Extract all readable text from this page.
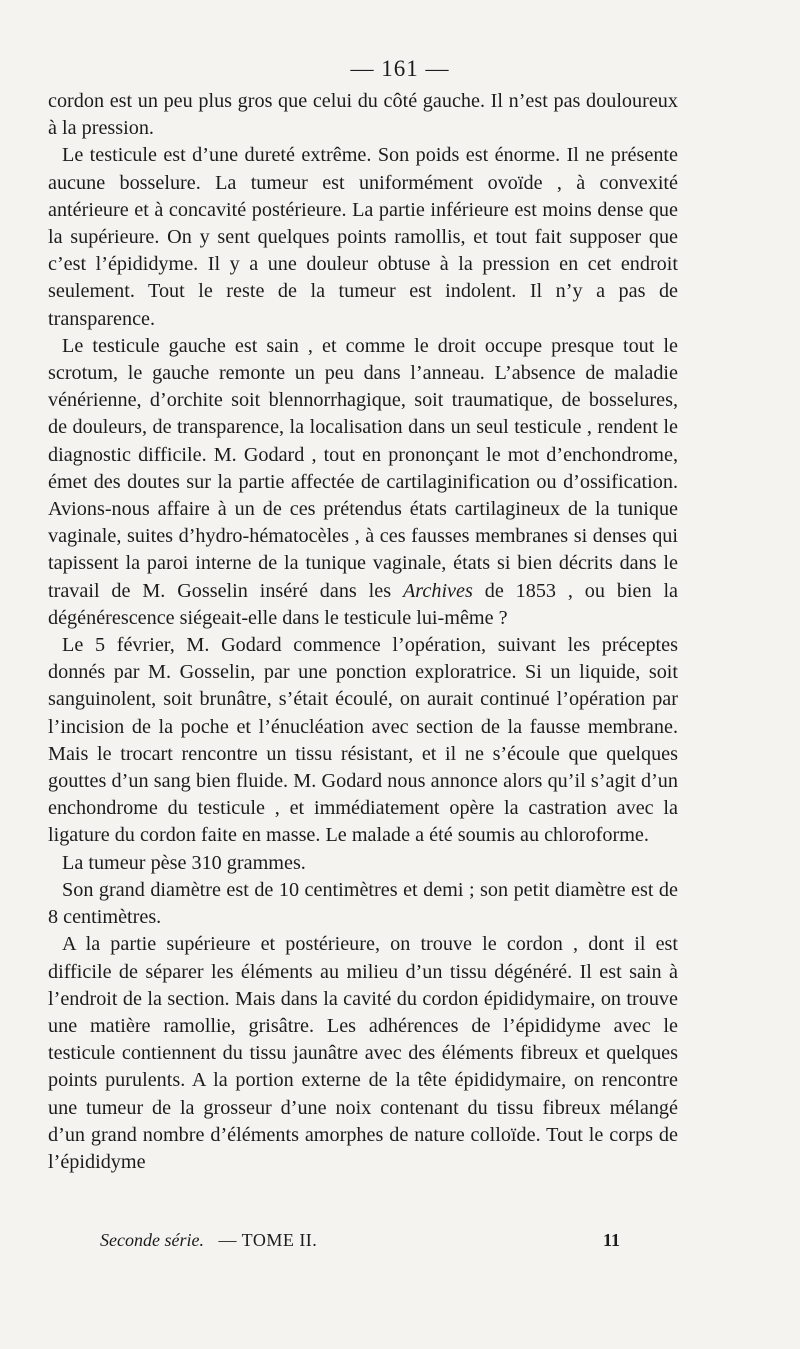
— 161 —

cordon est un peu plus gros que celui du côté gauche. Il n’est pas douloureux à la pression.

Le testicule est d’une dureté extrême. Son poids est énorme. Il ne présente aucune bosselure. La tumeur est uniformément ovoïde , à convexité antérieure et à concavité postérieure. La partie inférieure est moins dense que la supérieure. On y sent quelques points ramollis, et tout fait supposer que c’est l’épididyme. Il y a une douleur obtuse à la pression en cet endroit seulement. Tout le reste de la tumeur est indolent. Il n’y a pas de transparence.

Le testicule gauche est sain , et comme le droit occupe presque tout le scrotum, le gauche remonte un peu dans l’anneau. L’absence de maladie vénérienne, d’orchite soit blennorrhagique, soit traumatique, de bosselures, de douleurs, de transparence, la localisation dans un seul testicule , rendent le diagnostic difficile. M. Godard , tout en prononçant le mot d’enchondrome, émet des doutes sur la partie affectée de cartilaginification ou d’ossification. Avions-nous affaire à un de ces prétendus états cartilagineux de la tunique vaginale, suites d’hydro-hématocèles , à ces fausses membranes si denses qui tapissent la paroi interne de la tunique vaginale, états si bien décrits dans le travail de M. Gosselin inséré dans les Archives de 1853 , ou bien la dégénérescence siégeait-elle dans le testicule lui-même ?

Le 5 février, M. Godard commence l’opération, suivant les préceptes donnés par M. Gosselin, par une ponction exploratrice. Si un liquide, soit sanguinolent, soit brunâtre, s’était écoulé, on aurait continué l’opération par l’incision de la poche et l’énucléation avec section de la fausse membrane. Mais le trocart rencontre un tissu résistant, et il ne s’écoule que quelques gouttes d’un sang bien fluide. M. Godard nous annonce alors qu’il s’agit d’un enchondrome du testicule , et immédiatement opère la castration avec la ligature du cordon faite en masse. Le malade a été soumis au chloroforme.

La tumeur pèse 310 grammes.

Son grand diamètre est de 10 centimètres et demi ; son petit diamètre est de 8 centimètres.

A la partie supérieure et postérieure, on trouve le cordon , dont il est difficile de séparer les éléments au milieu d’un tissu dégénéré. Il est sain à l’endroit de la section. Mais dans la cavité du cordon épididymaire, on trouve une matière ramollie, grisâtre. Les adhérences de l’épididyme avec le testicule contiennent du tissu jaunâtre avec des éléments fibreux et quelques points purulents. A la portion externe de la tête épididymaire, on rencontre une tumeur de la grosseur d’une noix contenant du tissu fibreux mélangé d’un grand nombre d’éléments amorphes de nature colloïde. Tout le corps de l’épididyme

Seconde série. — TOME II.	11
